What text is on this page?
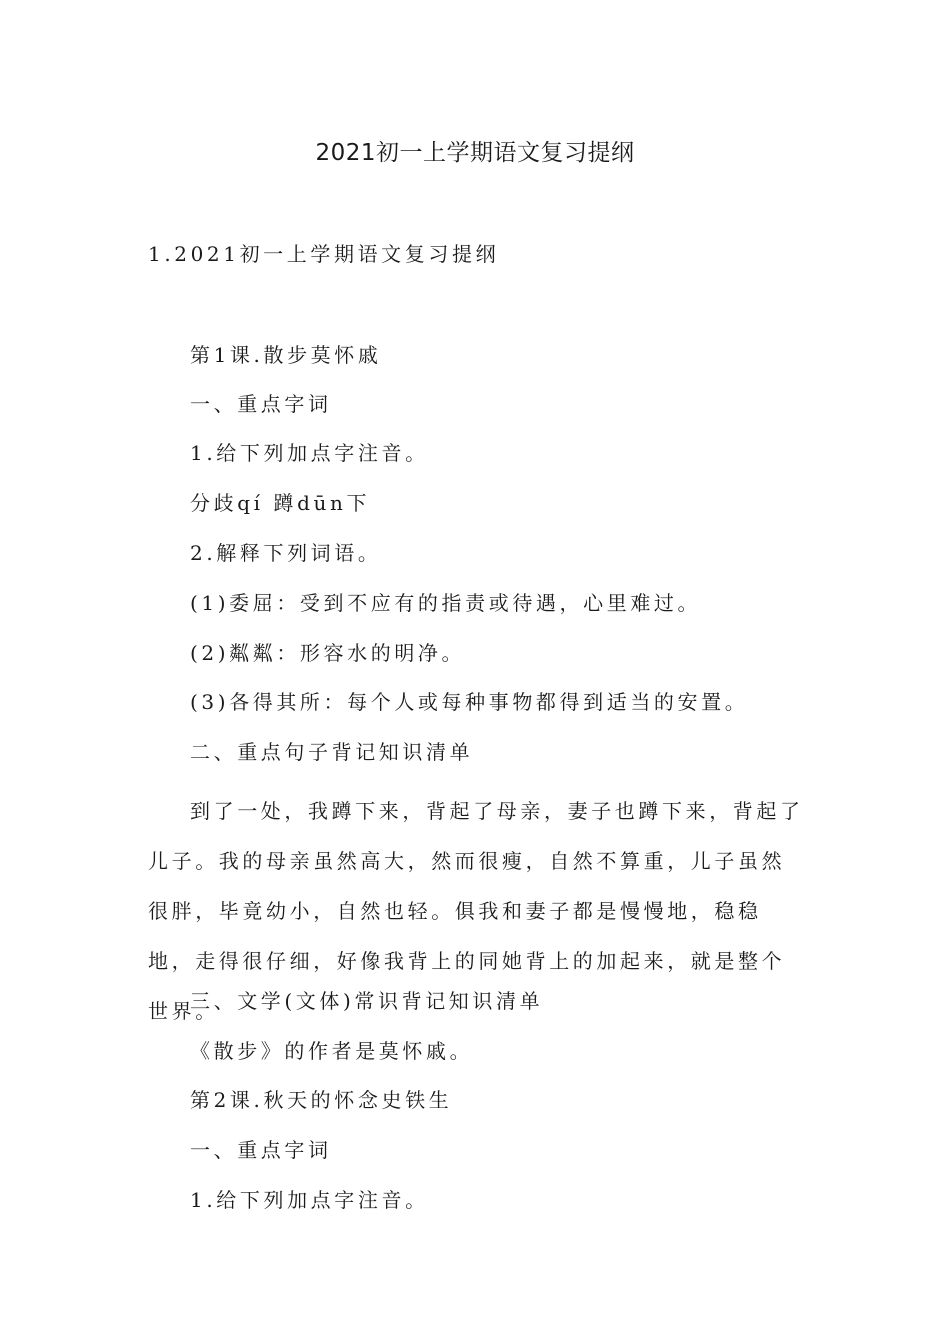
2021初一上学期语文复习提纲
1.2021初一上学期语文复习提纲
第1课.散步莫怀戚
一、重点字词
1.给下列加点字注音。
分歧qí 蹲dūn下
2.解释下列词语。
(1)委屈：受到不应有的指责或待遇，心里难过。
(2)粼粼：形容水的明净。
(3)各得其所：每个人或每种事物都得到适当的安置。
二、重点句子背记知识清单
到了一处，我蹲下来，背起了母亲，妻子也蹲下来，背起了儿子。我的母亲虽然高大，然而很瘦，自然不算重，儿子虽然很胖，毕竟幼小，自然也轻。俱我和妻子都是慢慢地，稳稳地，走得很仔细，好像我背上的同她背上的加起来，就是整个世界。
三、文学(文体)常识背记知识清单
《散步》的作者是莫怀戚。
第2课.秋天的怀念史铁生
一、重点字词
1.给下列加点字注音。
